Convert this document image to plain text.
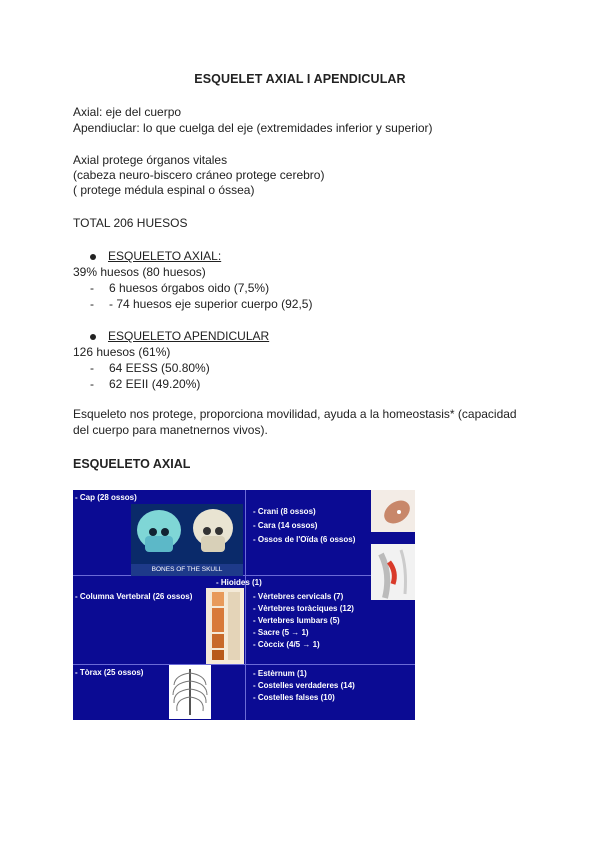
ESQUELET AXIAL I APENDICULAR
Axial: eje del cuerpo
Apendiuclar: lo que cuelga del eje (extremidades inferior y superior)
Axial protege órganos vitales
(cabeza neuro-biscero cráneo protege cerebro)
( protege médula espinal o óssea)
TOTAL 206 HUESOS
ESQUELETO AXIAL:
39% huesos (80 huesos)
- 6 huesos órgabos oido (7,5%)
- - 74 huesos eje superior cuerpo (92,5)
ESQUELETO APENDICULAR
126 huesos (61%)
- 64 EESS (50.80%)
- 62 EEII (49.20%)
Esqueleto nos protege, proporciona movilidad, ayuda a la homeostasis* (capacidad del cuerpo para manetnernos vivos).
ESQUELETO AXIAL
- Cap (28 ossos)
BONES OF THE SKULL
- Crani (8 ossos)
- Cara (14 ossos)
- Ossos de l'Oïda (6 ossos)
- Hioides (1)
- Columna Vertebral (26 ossos)	- Vèrtebres cervicals (7)
- Vèrtebres toràciques (12)
- Vertebres lumbars (5)
- Sacre (5 → 1)
- Còccix (4/5 → 1)
- Tòrax (25 ossos)	- Estèrnum (1)
- Costelles verdaderes (14)
- Costelles falses (10)
